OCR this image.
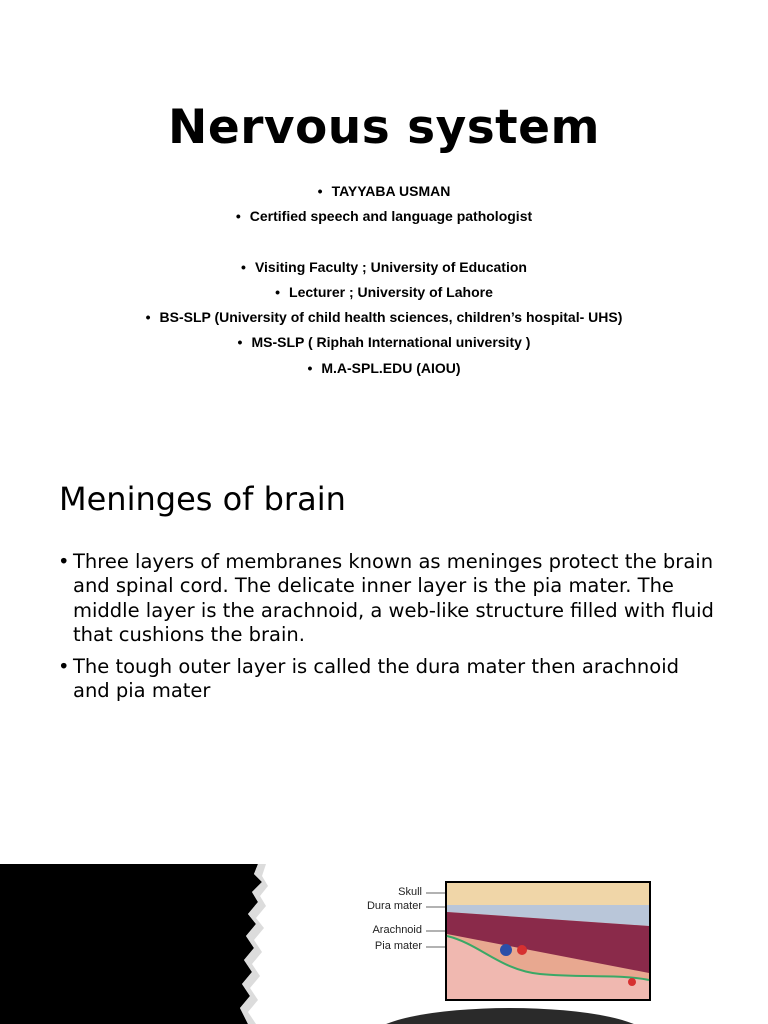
Nervous system
• TAYYABA USMAN
• Certified speech and language pathologist
• Visiting Faculty ; University of Education
• Lecturer ; University of Lahore
• BS-SLP (University of child health sciences, children’s hospital- UHS)
• MS-SLP ( Riphah International university )
• M.A-SPL.EDU (AIOU)
Meninges of brain
• Three layers of membranes known as meninges protect the brain and spinal cord. The delicate inner layer is the pia mater. The middle layer is the arachnoid, a web-like structure filled with fluid that cushions the brain.
• The tough outer layer is called the dura mater then arachnoid and pia mater
Skull
Dura mater
Arachnoid
Pia mater
